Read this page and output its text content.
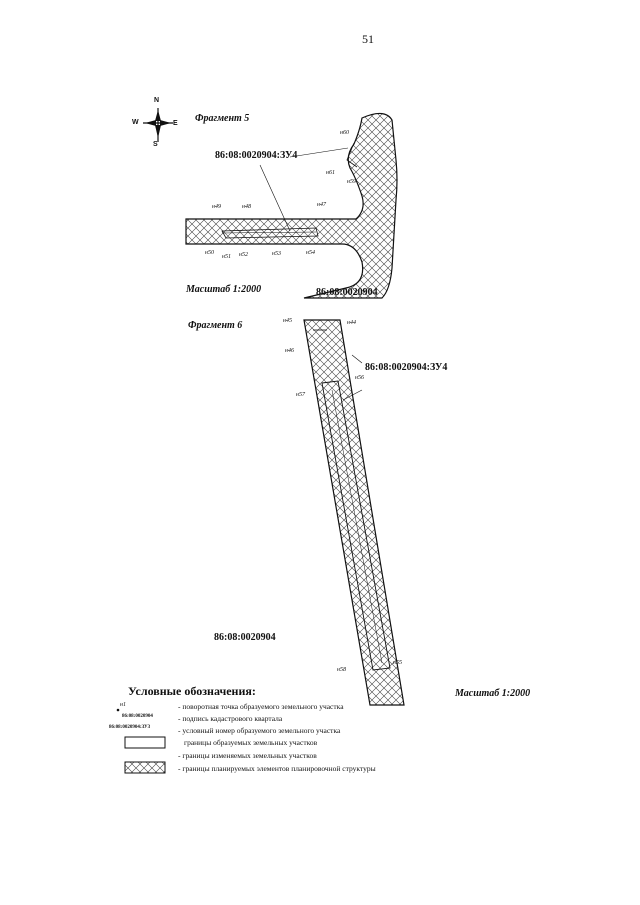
51
N
S
E
W	Фрагмент 5
86:08:0020904:ЗУ4
н60
н61
н59
н49	н48	н47
н50
н51 н52	н53	н54
Масштаб 1:2000	86:08:0020904
Фрагмент 6	н45	н44
н46
86:08:0020904:ЗУ4
н56
н57
86:08:0020904
н58
н55
Масштаб 1:2000
Условные обозначения:
н1
86:08:0020904
86:08:0020904:ЗУ3
- поворотная точка образуемого земельного участка
- подпись кадастрового квартала
- условный номер образуемого земельного участка
границы образуемых земельных участков
- границы изменяемых земельных участков
- границы планируемых элементов планировочной структуры
